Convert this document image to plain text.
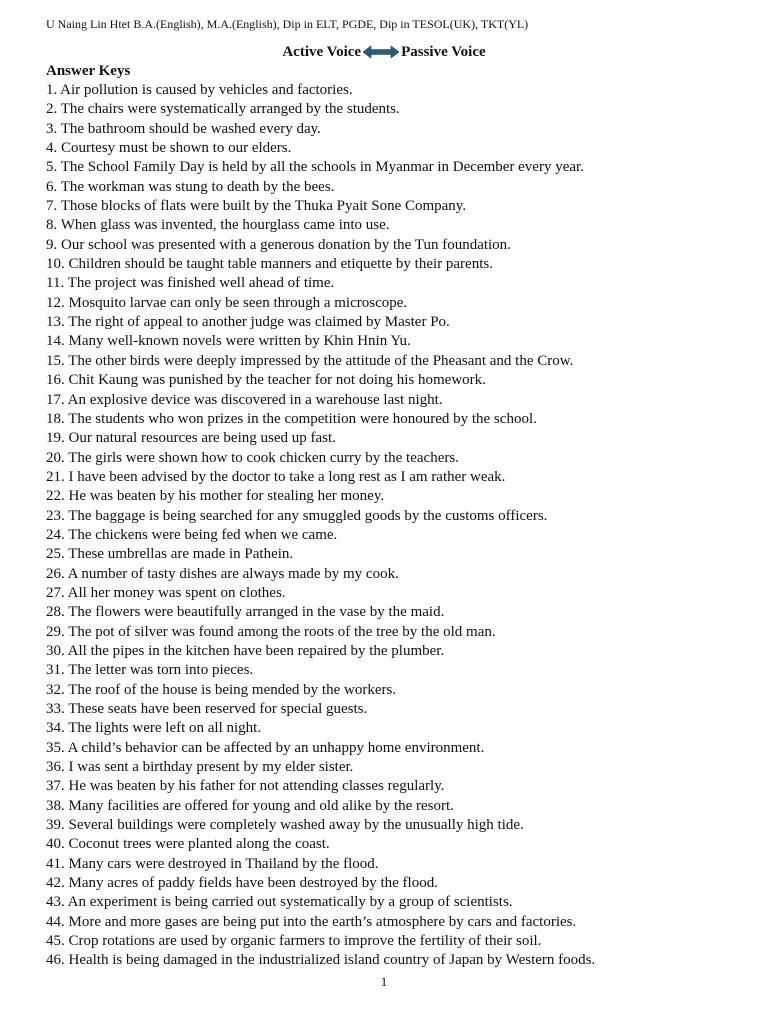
U Naing Lin Htet B.A.(English), M.A.(English), Dip in ELT, PGDE, Dip in TESOL(UK), TKT(YL)
Active Voice	Passive Voice
Answer Keys
1. Air pollution is caused by vehicles and factories.
2. The chairs were systematically arranged by the students.
3. The bathroom should be washed every day.
4. Courtesy must be shown to our elders.
5. The School Family Day is held by all the schools in Myanmar in December every year.
6. The workman was stung to death by the bees.
7. Those blocks of flats were built by the Thuka Pyait Sone Company.
8. When glass was invented, the hourglass came into use.
9. Our school was presented with a generous donation by the Tun foundation.
10. Children should be taught table manners and etiquette by their parents.
11. The project was finished well ahead of time.
12. Mosquito larvae can only be seen through a microscope.
13. The right of appeal to another judge was claimed by Master Po.
14. Many well-known novels were written by Khin Hnin Yu.
15. The other birds were deeply impressed by the attitude of the Pheasant and the Crow.
16. Chit Kaung was punished by the teacher for not doing his homework.
17. An explosive device was discovered in a warehouse last night.
18. The students who won prizes in the competition were honoured by the school.
19. Our natural resources are being used up fast.
20. The girls were shown how to cook chicken curry by the teachers.
21. I have been advised by the doctor to take a long rest as I am rather weak.
22. He was beaten by his mother for stealing her money.
23. The baggage is being searched for any smuggled goods by the customs officers.
24. The chickens were being fed when we came.
25. These umbrellas are made in Pathein.
26. A number of tasty dishes are always made by my cook.
27. All her money was spent on clothes.
28. The flowers were beautifully arranged in the vase by the maid.
29. The pot of silver was found among the roots of the tree by the old man.
30. All the pipes in the kitchen have been repaired by the plumber.
31. The letter was torn into pieces.
32. The roof of the house is being mended by the workers.
33. These seats have been reserved for special guests.
34. The lights were left on all night.
35. A child’s behavior can be affected by an unhappy home environment.
36. I was sent a birthday present by my elder sister.
37. He was beaten by his father for not attending classes regularly.
38. Many facilities are offered for young and old alike by the resort.
39. Several buildings were completely washed away by the unusually high tide.
40. Coconut trees were planted along the coast.
41. Many cars were destroyed in Thailand by the flood.
42. Many acres of paddy fields have been destroyed by the flood.
43. An experiment is being carried out systematically by a group of scientists.
44. More and more gases are being put into the earth’s atmosphere by cars and factories.
45. Crop rotations are used by organic farmers to improve the fertility of their soil.
46. Health is being damaged in the industrialized island country of Japan by Western foods.
1
